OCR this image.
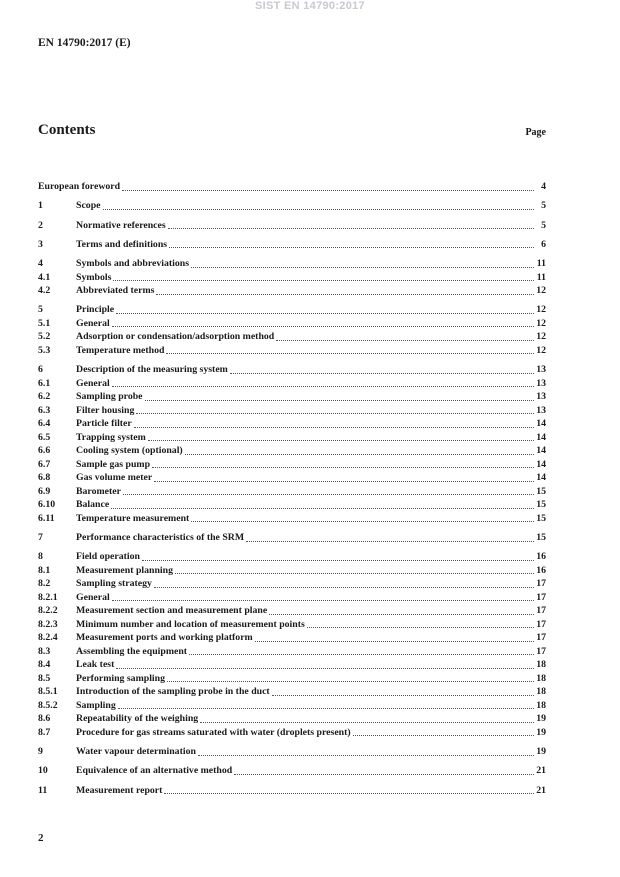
SIST EN 14790:2017
EN 14790:2017 (E)
Contents	Page
European foreword	4
1	Scope	5
2	Normative references	5
3	Terms and definitions	6
4	Symbols and abbreviations	11
4.1	Symbols	11
4.2	Abbreviated terms	12
5	Principle	12
5.1	General	12
5.2	Adsorption or condensation/adsorption method	12
5.3	Temperature method	12
6	Description of the measuring system	13
6.1	General	13
6.2	Sampling probe	13
6.3	Filter housing	13
6.4	Particle filter	14
6.5	Trapping system	14
6.6	Cooling system (optional)	14
6.7	Sample gas pump	14
6.8	Gas volume meter	14
6.9	Barometer	15
6.10	Balance	15
6.11	Temperature measurement	15
7	Performance characteristics of the SRM	15
8	Field operation	16
8.1	Measurement planning	16
8.2	Sampling strategy	17
8.2.1	General	17
8.2.2	Measurement section and measurement plane	17
8.2.3	Minimum number and location of measurement points	17
8.2.4	Measurement ports and working platform	17
8.3	Assembling the equipment	17
8.4	Leak test	18
8.5	Performing sampling	18
8.5.1	Introduction of the sampling probe in the duct	18
8.5.2	Sampling	18
8.6	Repeatability of the weighing	19
8.7	Procedure for gas streams saturated with water (droplets present)	19
9	Water vapour determination	19
10	Equivalence of an alternative method	21
11	Measurement report	21
2
